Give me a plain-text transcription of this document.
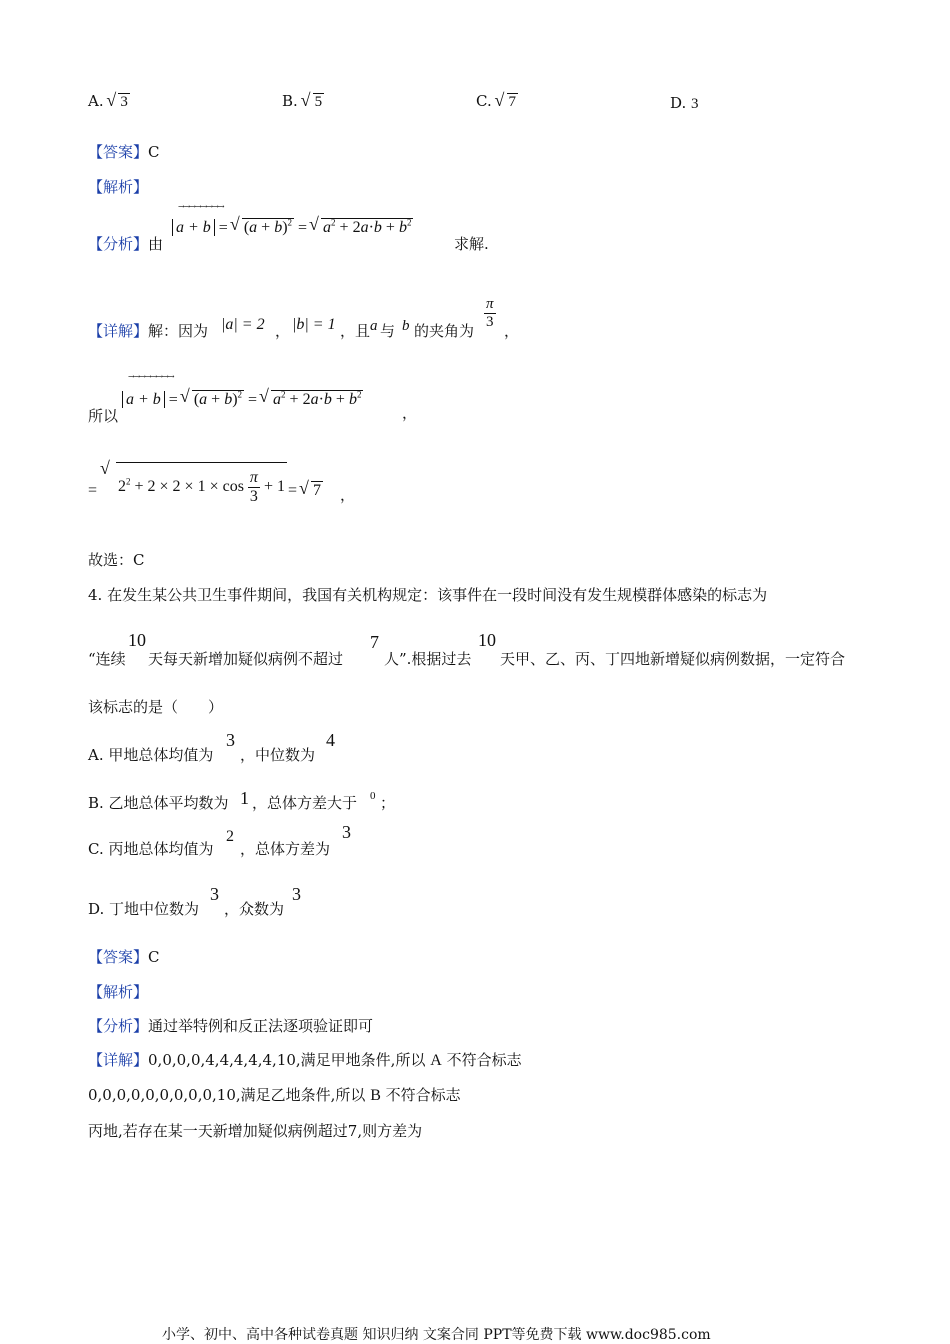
A. √ 3	B. √ 5	C. √ 7	D. 3
【答案】C
【解析】
【分析】由
→→→→→→→→
a + b = √ $(a + b)^2$ = √ $a^2 + 2a\cdot b + b^2$
求解.
【详解】解：因为 |a| = 2 ， |b| = 1 ，且 a 与 b 的夹角为
$\frac{\pi}{3}$
，
所以
→→→→→→→→
a + b = √ $(a + b)^2$ = √ $a^2 + 2a\cdot b + b^2$
，
=	√ $2^2 + 2 \times 2 \times 1 \times \cos \frac{\pi}{3} + 1$ = √ 7 ，
故选：C
4. 在发生某公共卫生事件期间，我国有关机构规定：该事件在一段时间没有发生规模群体感染的标志为
“连续
10
天每天新增加疑似病例不超过
7
人”.根据过去
10
天甲、乙、丙、丁四地新增疑似病例数据，一定符合
该标志的是（　　）
A. 甲地总体均值为
3
，中位数为
4
B. 乙地总体平均数为 1 ，总体方差大于 0 ；
C. 丙地总体均值为
2
，总体方差为
3
D. 丁地中位数为
3
，众数为
3
【答案】C
【解析】
【分析】通过举特例和反正法逐项验证即可
【详解】0,0,0,0,4,4,4,4,4,10,满足甲地条件,所以 A 不符合标志
0,0,0,0,0,0,0,0,0,10,满足乙地条件,所以 B 不符合标志
丙地,若存在某一天新增加疑似病例超过7,则方差为
小学、初中、高中各种试卷真题 知识归纳 文案合同 PPT等免费下载 www.doc985.com
